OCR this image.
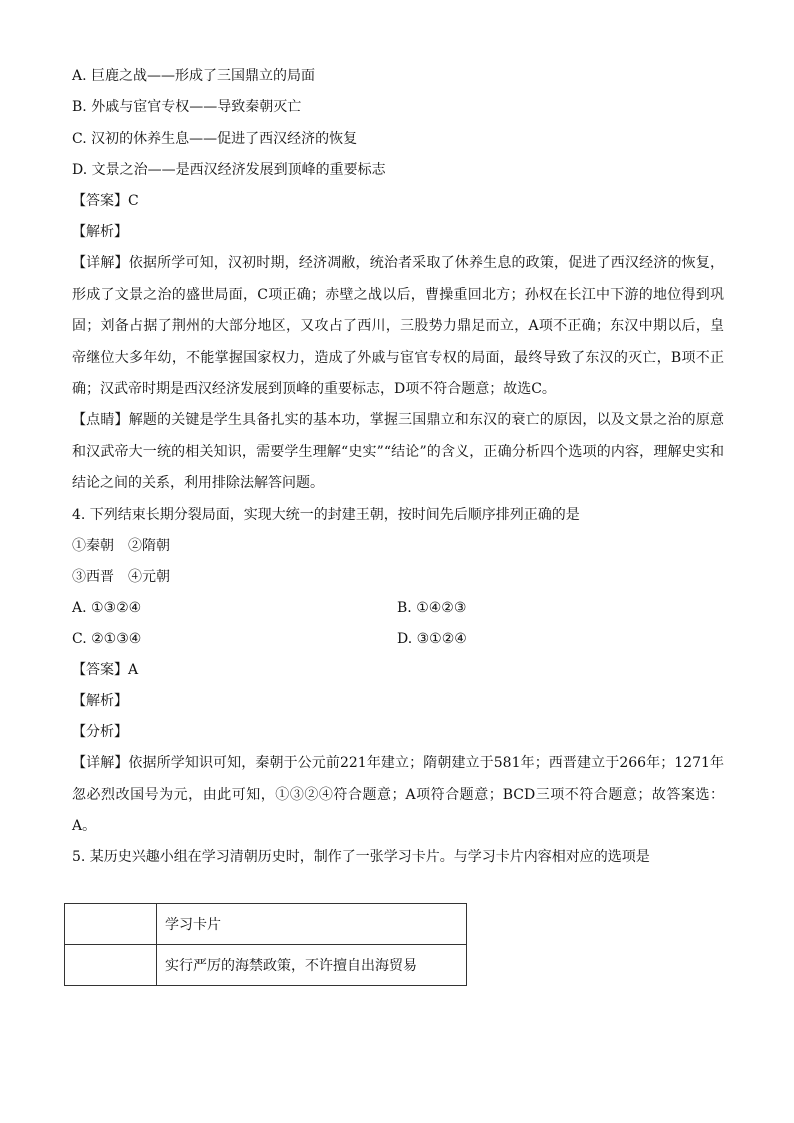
A. 巨鹿之战——形成了三国鼎立的局面
B. 外戚与宦官专权——导致秦朝灭亡
C. 汉初的休养生息——促进了西汉经济的恢复
D. 文景之治——是西汉经济发展到顶峰的重要标志
【答案】C
【解析】
【详解】依据所学可知，汉初时期，经济凋敝，统治者采取了休养生息的政策，促进了西汉经济的恢复，形成了文景之治的盛世局面，C项正确；赤壁之战以后，曹操重回北方；孙权在长江中下游的地位得到巩固；刘备占据了荆州的大部分地区，又攻占了西川，三股势力鼎足而立，A项不正确；东汉中期以后，皇帝继位大多年幼，不能掌握国家权力，造成了外戚与宦官专权的局面，最终导致了东汉的灭亡，B项不正确；汉武帝时期是西汉经济发展到顶峰的重要标志，D项不符合题意；故选C。
【点睛】解题的关键是学生具备扎实的基本功，掌握三国鼎立和东汉的衰亡的原因，以及文景之治的原意和汉武帝大一统的相关知识，需要学生理解“史实”“结论”的含义，正确分析四个选项的内容，理解史实和结论之间的关系，利用排除法解答问题。
4. 下列结束长期分裂局面，实现大统一的封建王朝，按时间先后顺序排列正确的是
①秦朝　②隋朝
③西晋　④元朝
A. ①③②④	B. ①④②③
C. ②①③④	D. ③①②④
【答案】A
【解析】
【分析】
【详解】依据所学知识可知，秦朝于公元前221年建立；隋朝建立于581年；西晋建立于266年；1271年忽必烈改国号为元，由此可知，①③②④符合题意；A项符合题意；BCD三项不符合题意；故答案选：A。
5. 某历史兴趣小组在学习清朝历史时，制作了一张学习卡片。与学习卡片内容相对应的选项是
	学习卡片
	实行严厉的海禁政策，不许擅自出海贸易
